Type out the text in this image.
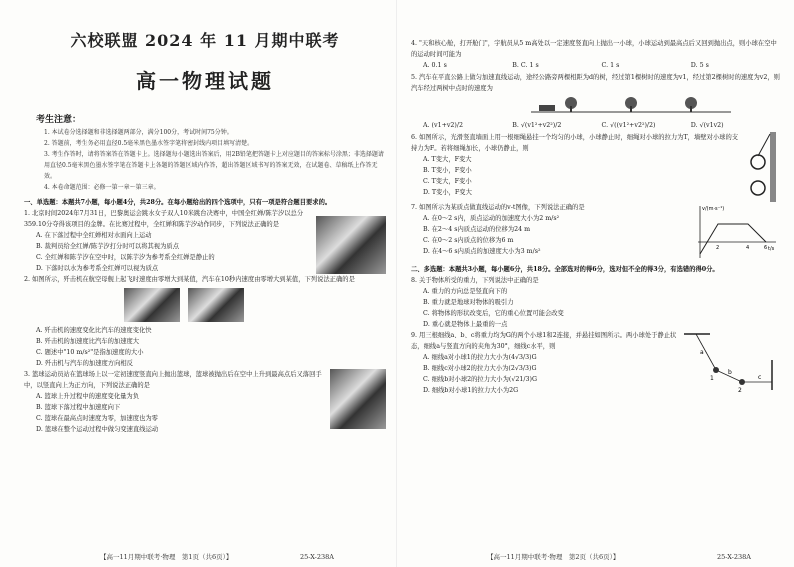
六校联盟 2024 年 11 月期中联考
高一物理试题
考生注意：
1. 本试卷分选择题和非选择题两部分，满分100分，考试时间75分钟。
2. 答题前，考生务必用直径0.5毫米黑色墨水签字笔将密封线内项目填写清楚。
3. 考生作答时，请将答案答在答题卡上。选择题每小题选出答案后，用2B铅笔把答题卡上对应题目的答案标号涂黑；非选择题请用直径0.5毫米黑色墨水签字笔在答题卡上各题的答题区域内作答，超出答题区域书写的答案无效，在试题卷、草稿纸上作答无效。
4. 本卷命题范围：必修一第一章～第三章。
一、单选题：本题共7小题，每小题4分，共28分。在每小题给出的四个选项中，只有一项是符合题目要求的。
1. 北京时间2024年7月31日，巴黎奥运会跳水女子双人10米跳台决赛中，中国全红婵/陈芋汐以总分359.10分夺得该项目的金牌。在比赛过程中，全红婵和陈芋汐动作同步，下列说法正确的是
A. 在下落过程中全红婵相对水面向上运动
B. 裁判员给全红婵/陈芋汐打分时可以将其视为质点
C. 全红婵和陈芋汐在空中时，以陈芋汐为参考系全红婵是静止的
D. 下落时以水为参考系全红婵可以视为质点
2. 如图所示，歼击机在航空母舰上起飞时速度由零增大到某值，汽车在10秒内速度由零增大到某值，下列说法正确的是
A. 歼击机的速度变化比汽车的速度变化快
B. 歼击机的加速度比汽车的加速度大
C. 题述中"10 m/s²"是指加速度的大小
D. 歼击机与汽车的加速度方向相反
3. 篮球运动员站在篮球场上以一定初速度竖直向上抛出篮球，篮球被抛出后在空中上升到最高点后又落回手中，以竖直向上为正方向，下列说法正确的是
A. 篮球上升过程中的速度变化量为负
B. 篮球下落过程中加速度向下
C. 篮球在最高点时速度为零，加速度也为零
D. 篮球在整个运动过程中做匀变速直线运动
【高一11月期中联考·物理　第1页（共6页）】	25-X-238A
4. "天和核心舱，打开舱门"，宇航员从5 m高处以一定速度竖直向上抛出一小球，小球运动到最高点后又回到抛出点，则小球在空中的运动时间可能为
A. 0.1 s	B. C. 1 s	C. 1 s	D. 5 s
5. 汽车在平直公路上做匀加速直线运动，途经公路旁两棵相距为d的树，经过第1棵树时的速度为v1，经过第2棵树时的速度为v2，则汽车经过两树中点时的速度为
A. (v1+v2)/2	B. √(v1²+v2²)/2	C. √((v1²+v2²)/2)	D. √(v1v2)
6. 如图所示，光滑竖直墙面上用一根细绳悬挂一个均匀的小球，小球静止时，细绳对小球的拉力为T，墙壁对小球的支持力为F。若将细绳加长，小球仍静止，则
A. T变大，F变大
B. T变小，F变小
C. T变大，F变小
D. T变小，F变大
7. 如图所示为某质点做直线运动的v-t图像，下列说法正确的是
A. 在0～2 s内，质点运动的加速度大小为2 m/s²
B. 在2～4 s内质点运动的位移为24 m
C. 在0～2 s内质点的位移为6 m
D. 在4～6 s内质点的加速度大小为3 m/s²
v/(m·s⁻¹)
t/s
2	4	6
二、多选题：本题共3小题，每小题6分，共18分。全部选对的得6分，选对但不全的得3分，有选错的得0分。
8. 关于物体所受的重力，下列说法中正确的是
A. 重力的方向总是竖直向下的
B. 重力就是地球对物体的吸引力
C. 将物体的形状改变后，它的重心位置可能会改变
D. 重心就是物体上最重的一点
9. 用三根细线a、b、c将重力均为G的两个小球1和2连接，并悬挂如图所示。两小球处于静止状态，细线a与竖直方向的夹角为30°，细线c水平，则
A. 细线a对小球1的拉力大小为(4√3/3)G
B. 细线c对小球2的拉力大小为(2√3/3)G
C. 细线b对小球2的拉力大小为(√21/3)G
D. 细线b对小球1的拉力大小为2G
a
b
c
1
2
【高一11月期中联考·物理　第2页（共6页）】	25-X-238A
